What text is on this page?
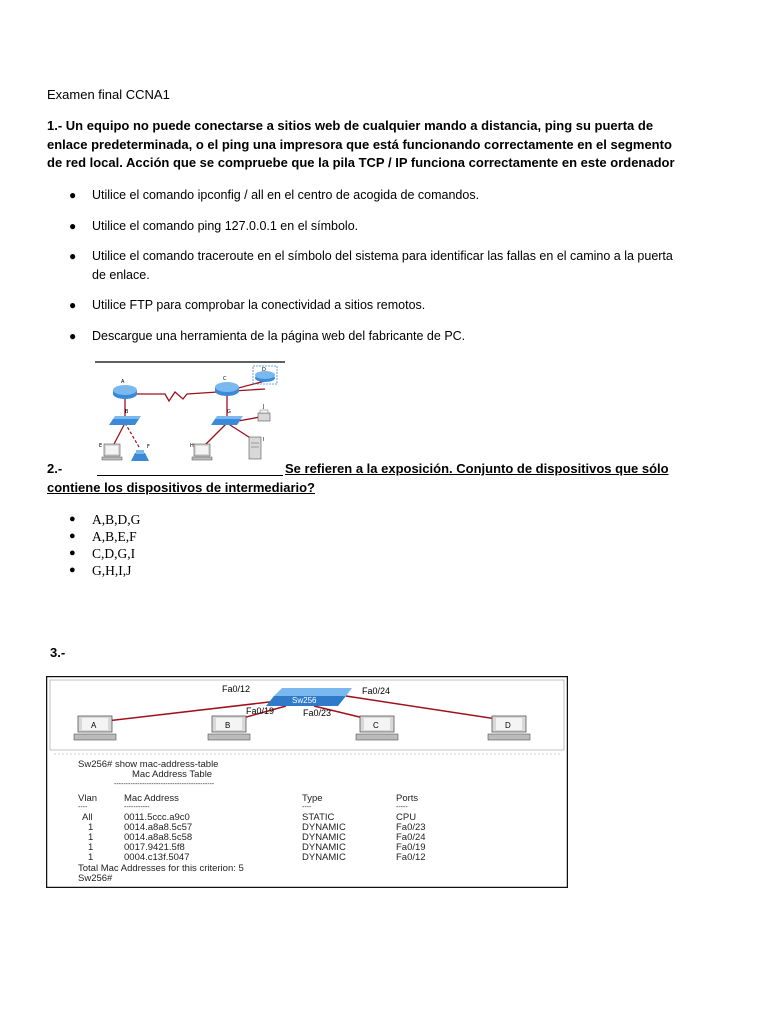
Examen final CCNA1
1.- Un equipo no puede conectarse a sitios web de cualquier mando a distancia, ping su puerta de enlace predeterminada, o el ping una impresora que está funcionando correctamente en el segmento de red local. Acción que se compruebe que la pila TCP / IP funciona correctamente en este ordenador
● Utilice el comando ipconfig / all en el centro de acogida de comandos.
● Utilice el comando ping 127.0.0.1 en el símbolo.
● Utilice el comando traceroute en el símbolo del sistema para identificar las fallas en el camino a la puerta de enlace.
● Utilice FTP para comprobar la conectividad a sitios remotos.
● Descargue una herramienta de la página web del fabricante de PC.
A	C
D
B	G
E	F	H
I
J
2.-	Se refieren a la exposición. Conjunto de dispositivos que sólo
contiene los dispositivos de intermediario?
● A,B,D,G
● A,B,E,F
● C,D,G,I
● G,H,I,J
3.-
Sw256
Fa0/12
Fa0/19	Fa0/23
Fa0/24
A	B	C	D
Sw256# show mac-address-table
Mac Address Table
-------------------------------------------
Vlan	Mac Address	Type	Ports
----	-----------	----	-----
All	0011.5ccc.a9c0	STATIC	CPU
1	0014.a8a8.5c57	DYNAMIC	Fa0/23
1	0014.a8a8.5c58	DYNAMIC	Fa0/24
1	0017.9421.5f8	DYNAMIC	Fa0/19
1	0004.c13f.5047	DYNAMIC	Fa0/12
Total Mac Addresses for this criterion: 5
Sw256#
